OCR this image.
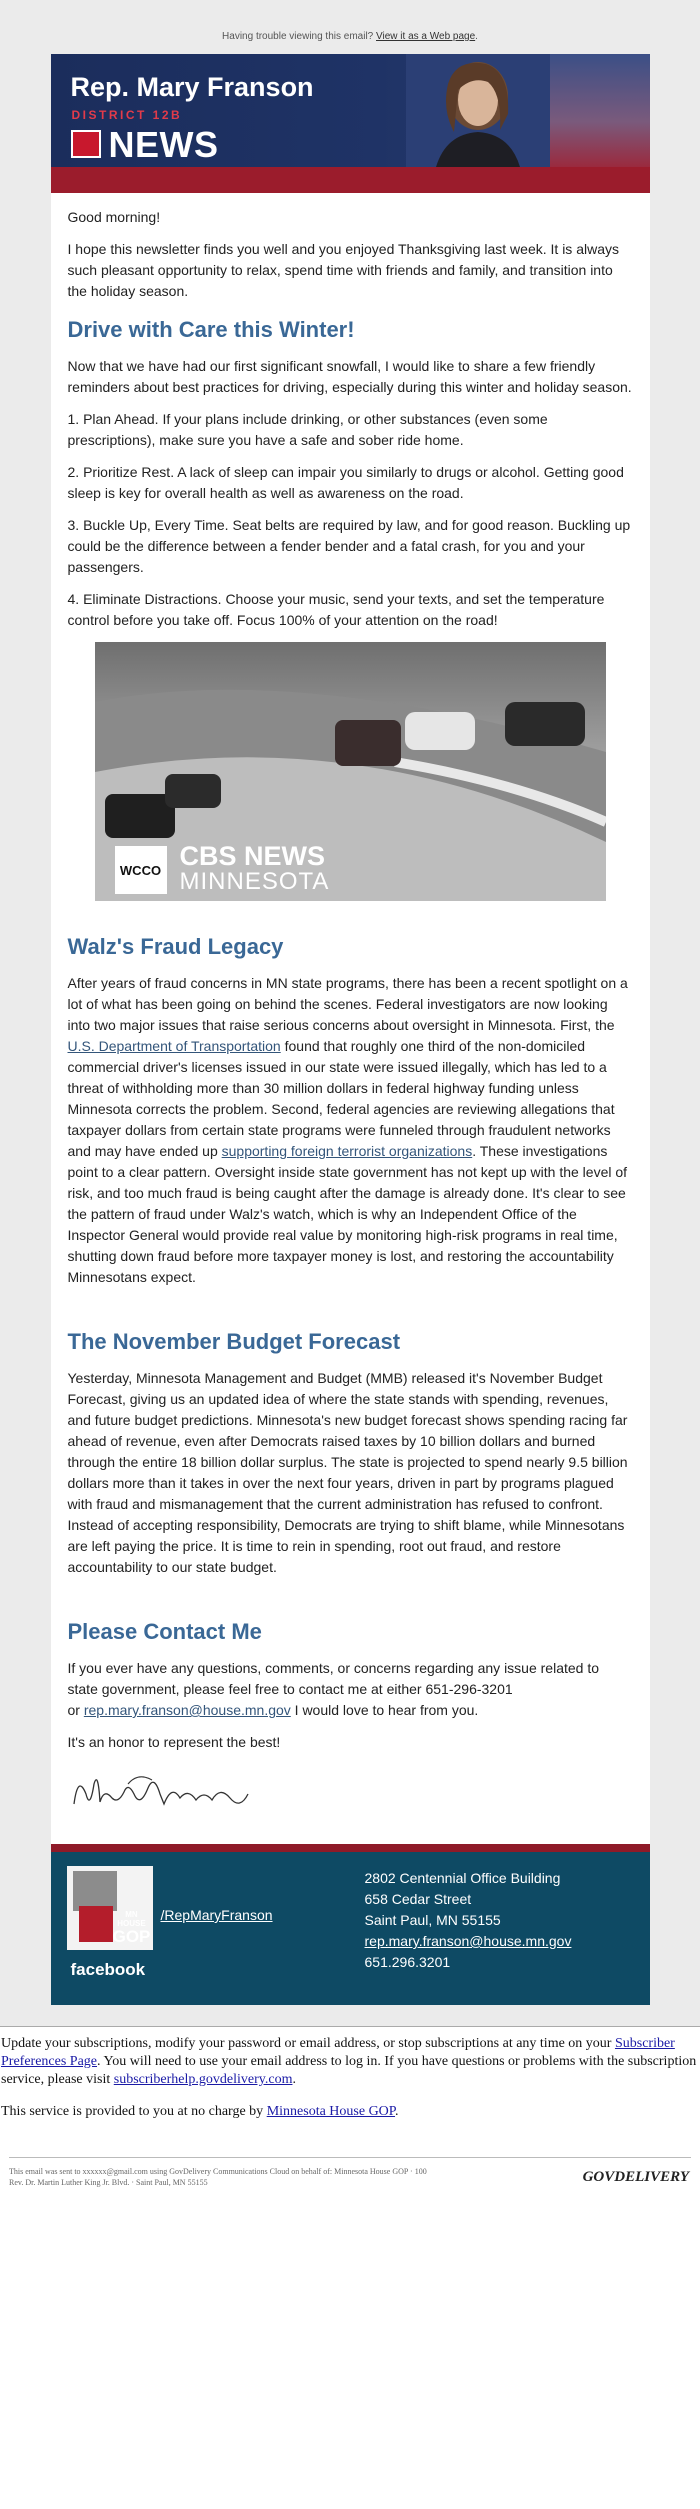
Having trouble viewing this email? View it as a Web page.
Rep. Mary Franson
DISTRICT 12B
NEWS

Good morning!

I hope this newsletter finds you well and you enjoyed Thanksgiving last week. It is always such pleasant opportunity to relax, spend time with friends and family, and transition into the holiday season.

Drive with Care this Winter!

Now that we have had our first significant snowfall, I would like to share a few friendly reminders about best practices for driving, especially during this winter and holiday season.

1. Plan Ahead. If your plans include drinking, or other substances (even some prescriptions), make sure you have a safe and sober ride home.

2. Prioritize Rest. A lack of sleep can impair you similarly to drugs or alcohol. Getting good sleep is key for overall health as well as awareness on the road.

3. Buckle Up, Every Time. Seat belts are required by law, and for good reason. Buckling up could be the difference between a fender bender and a fatal crash, for you and your passengers.

4. Eliminate Distractions. Choose your music, send your texts, and set the temperature control before you take off. Focus 100% of your attention on the road!

WCCO CBS NEWS
MINNESOTA
Walz's Fraud Legacy

After years of fraud concerns in MN state programs, there has been a recent spotlight on a lot of what has been going on behind the scenes. Federal investigators are now looking into two major issues that raise serious concerns about oversight in Minnesota. First, the U.S. Department of Transportation found that roughly one third of the non-domiciled commercial driver's licenses issued in our state were issued illegally, which has led to a threat of withholding more than 30 million dollars in federal highway funding unless Minnesota corrects the problem. Second, federal agencies are reviewing allegations that taxpayer dollars from certain state programs were funneled through fraudulent networks and may have ended up supporting foreign terrorist organizations. These investigations point to a clear pattern. Oversight inside state government has not kept up with the level of risk, and too much fraud is being caught after the damage is already done. It's clear to see the pattern of fraud under Walz's watch, which is why an Independent Office of the Inspector General would provide real value by monitoring high-risk programs in real time, shutting down fraud before more taxpayer money is lost, and restoring the accountability Minnesotans expect.

The November Budget Forecast

Yesterday, Minnesota Management and Budget (MMB) released it's November Budget Forecast, giving us an updated idea of where the state stands with spending, revenues, and future budget predictions. Minnesota's new budget forecast shows spending racing far ahead of revenue, even after Democrats raised taxes by 10 billion dollars and burned through the entire 18 billion dollar surplus. The state is projected to spend nearly 9.5 billion dollars more than it takes in over the next four years, driven in part by programs plagued with fraud and mismanagement that the current administration has refused to confront. Instead of accepting responsibility, Democrats are trying to shift blame, while Minnesotans are left paying the price. It is time to rein in spending, root out fraud, and restore accountability to our state budget.

Please Contact Me

If you ever have any questions, comments, or concerns regarding any issue related to state government, please feel free to contact me at either 651-296-3201
or rep.mary.franson@house.mn.gov I would love to hear from you.

It's an honor to represent the best!

MN HOUSE
GOP
facebook
/RepMaryFranson
2802 Centennial Office Building
658 Cedar Street
Saint Paul, MN 55155
rep.mary.franson@house.mn.gov
651.296.3201

Update your subscriptions, modify your password or email address, or stop subscriptions at any time on your Subscriber Preferences Page. You will need to use your email address to log in. If you have questions or problems with the subscription service, please visit subscriberhelp.govdelivery.com.

This service is provided to you at no charge by Minnesota House GOP.

This email was sent to xxxxxx@gmail.com using GovDelivery Communications Cloud on behalf of: Minnesota House GOP · 100
Rev. Dr. Martin Luther King Jr. Blvd. · Saint Paul, MN 55155	GOVDELIVERY
